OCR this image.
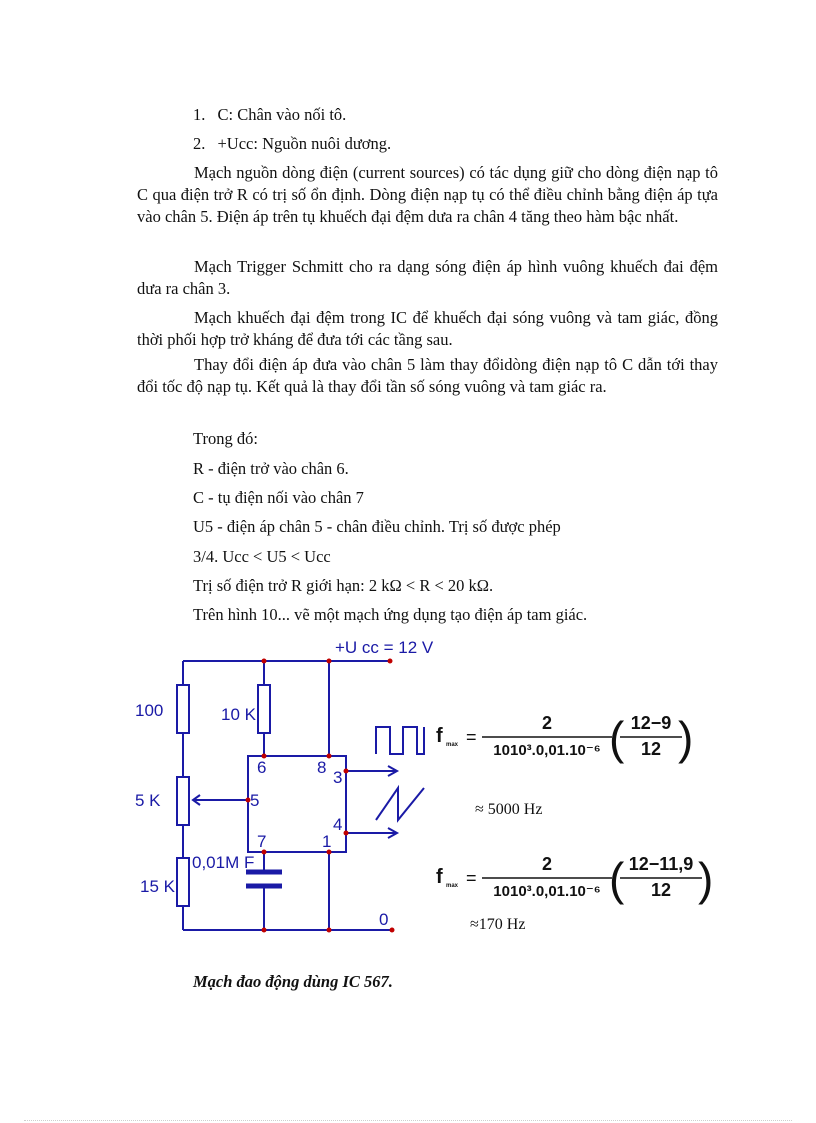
1. C: Chân vào nối tô.
2. +Ucc: Nguồn nuôi dương.
Mạch nguồn dòng điện (current sources) có tác dụng giữ cho dòng điện nạp tô C qua điện trở R có trị số ổn định. Dòng điện nạp tụ có thể điều chỉnh bằng điện áp tựa vào chân 5. Điện áp trên tụ khuếch đại đệm dưa ra chân 4 tăng theo hàm bậc nhất.
Mạch Trigger Schmitt cho ra dạng sóng điện áp hình vuông khuếch đai đệm dưa ra chân 3.
Mạch khuếch đại đệm trong IC để khuếch đại sóng vuông và tam giác, đồng thời phối hợp trở kháng để đưa tới các tầng sau.
Thay đổi điện áp đưa vào chân 5 làm thay đổidòng điện nạp tô C dẫn tới thay đổi tốc độ nạp tụ. Kết quả là thay đổi tần số sóng vuông và tam giác ra.
Trong đó:
R - điện trở vào chân 6.
C - tụ điện nối vào chân 7
U5 - điện áp chân 5 - chân điều chỉnh. Trị số được phép
3/4. Ucc < U5 < Ucc
Trị số điện trở R giới hạn: 2 kΩ < R < 20 kΩ.
Trên hình 10... vẽ một mạch ứng dụng tạo điện áp tam giác.
+U cc = 12 V
100	10 K
5 K
15 K
0,01M F
0
6	8
3
5
4
7	1
f max =
2
1010³.0,01.10⁻⁶ ( 12−9
12 )
≈ 5000 Hz
f max =
2
1010³.0,01.10⁻⁶ ( 12−11,9
12 )
≈170 Hz
Mạch đao động dùng IC 567.
